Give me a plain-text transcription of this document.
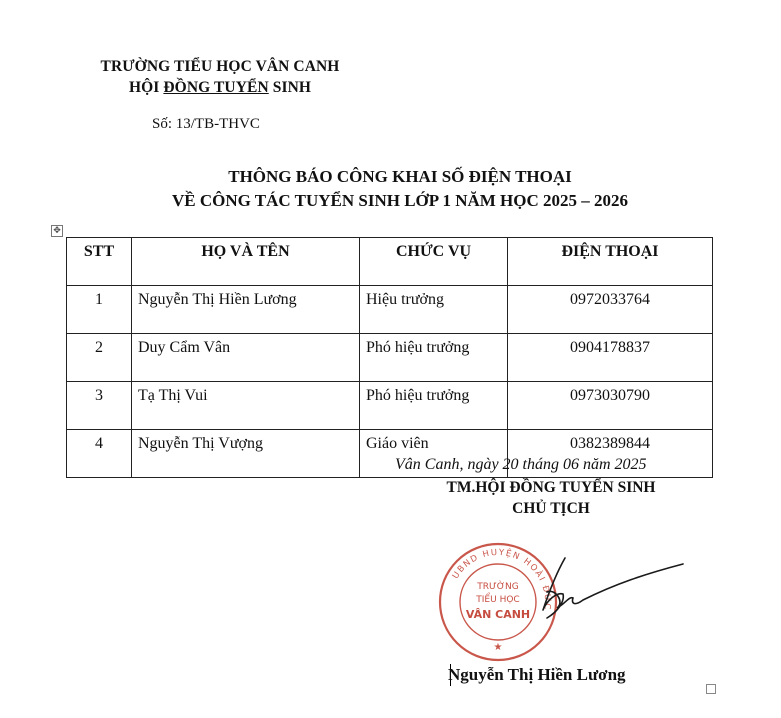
TRƯỜNG TIỂU HỌC VÂN CANH
HỘI ĐỒNG TUYỂN SINH
Số: 13/TB-THVC
THÔNG BÁO CÔNG KHAI SỐ ĐIỆN THOẠI
VỀ CÔNG TÁC TUYỂN SINH LỚP 1 NĂM HỌC 2025 – 2026
✥
STT	HỌ VÀ TÊN	CHỨC VỤ	ĐIỆN THOẠI
1	Nguyễn Thị Hiền Lương	Hiệu trưởng	0972033764
2	Duy Cẩm Vân	Phó hiệu trưởng	0904178837
3	Tạ Thị Vui	Phó hiệu trưởng	0973030790
4	Nguyễn Thị Vượng	Giáo viên	0382389844
Vân Canh, ngày 20 tháng 06 năm 2025
TM.HỘI ĐỒNG TUYỂN SINH
CHỦ TỊCH
UBND HUYỆN HOÀI ĐỨC
TRƯỜNG
TIỂU HỌC
VÂN CANH
★
Nguyễn Thị Hiền Lương
